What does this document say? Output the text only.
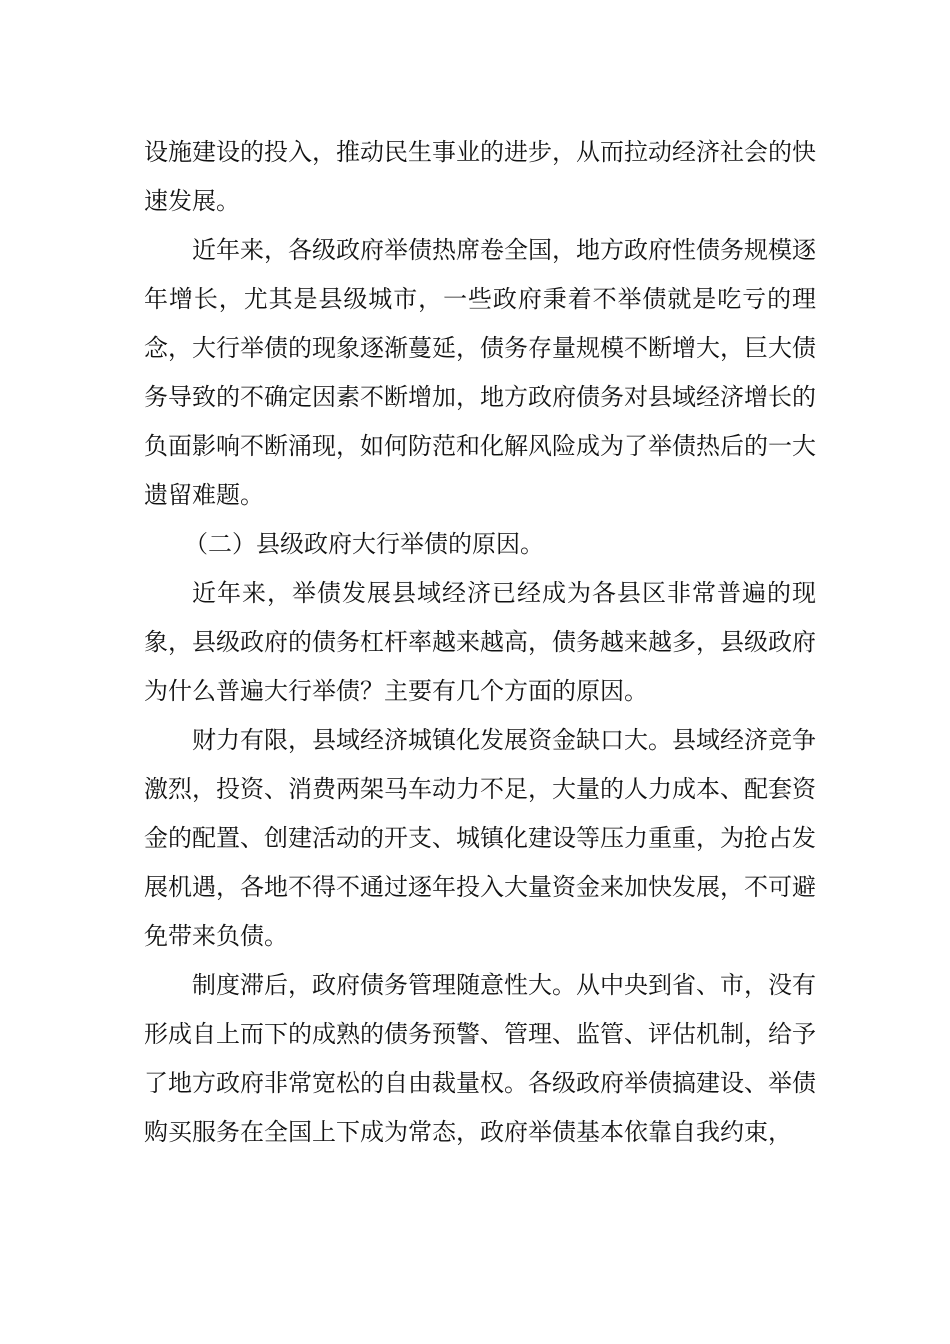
设施建设的投入，推动民生事业的进步，从而拉动经济社会的快速发展。

近年来，各级政府举债热席卷全国，地方政府性债务规模逐年增长，尤其是县级城市，一些政府秉着不举债就是吃亏的理念，大行举债的现象逐渐蔓延，债务存量规模不断增大，巨大债务导致的不确定因素不断增加，地方政府债务对县域经济增长的负面影响不断涌现，如何防范和化解风险成为了举债热后的一大遗留难题。

（二）县级政府大行举债的原因。

近年来，举债发展县域经济已经成为各县区非常普遍的现象，县级政府的债务杠杆率越来越高，债务越来越多，县级政府为什么普遍大行举债？主要有几个方面的原因。

财力有限，县域经济城镇化发展资金缺口大。县域经济竞争激烈，投资、消费两架马车动力不足，大量的人力成本、配套资金的配置、创建活动的开支、城镇化建设等压力重重，为抢占发展机遇，各地不得不通过逐年投入大量资金来加快发展，不可避免带来负债。

制度滞后，政府债务管理随意性大。从中央到省、市，没有形成自上而下的成熟的债务预警、管理、监管、评估机制，给予了地方政府非常宽松的自由裁量权。各级政府举债搞建设、举债购买服务在全国上下成为常态，政府举债基本依靠自我约束，
